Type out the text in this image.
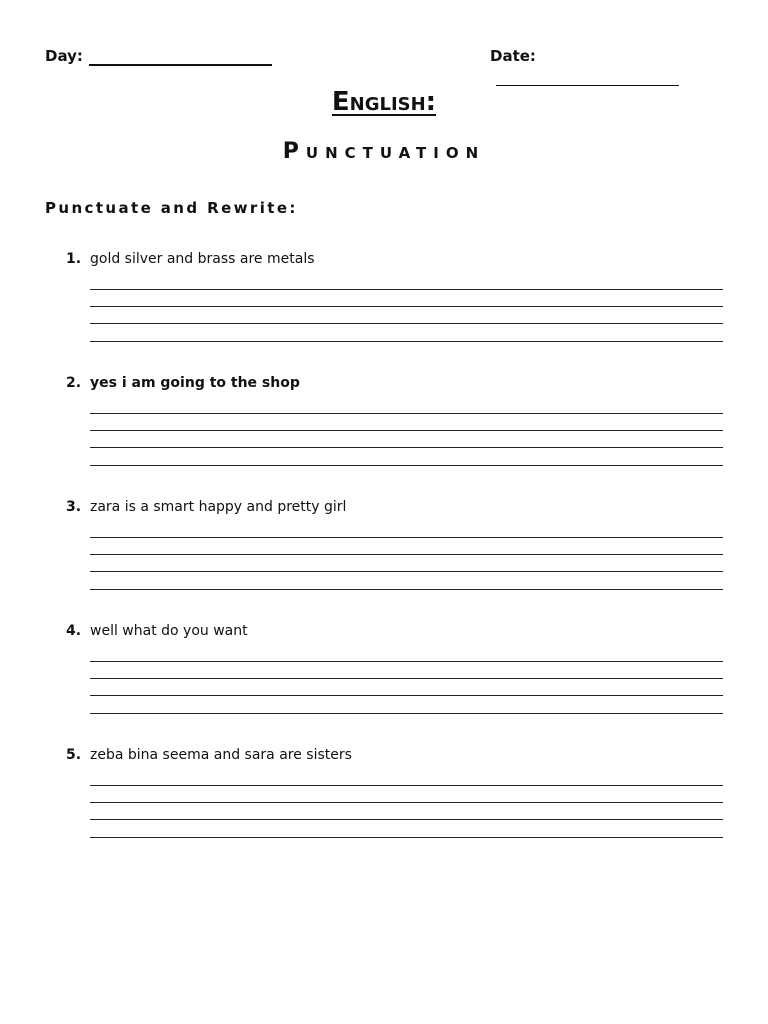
Day:	Date:
English:
Punctuation
Punctuate and Rewrite:
1. gold silver and brass are metals
2. yes i am going to the shop
3. zara is a smart happy and pretty girl
4. well what do you want
5. zeba bina seema and sara are sisters
